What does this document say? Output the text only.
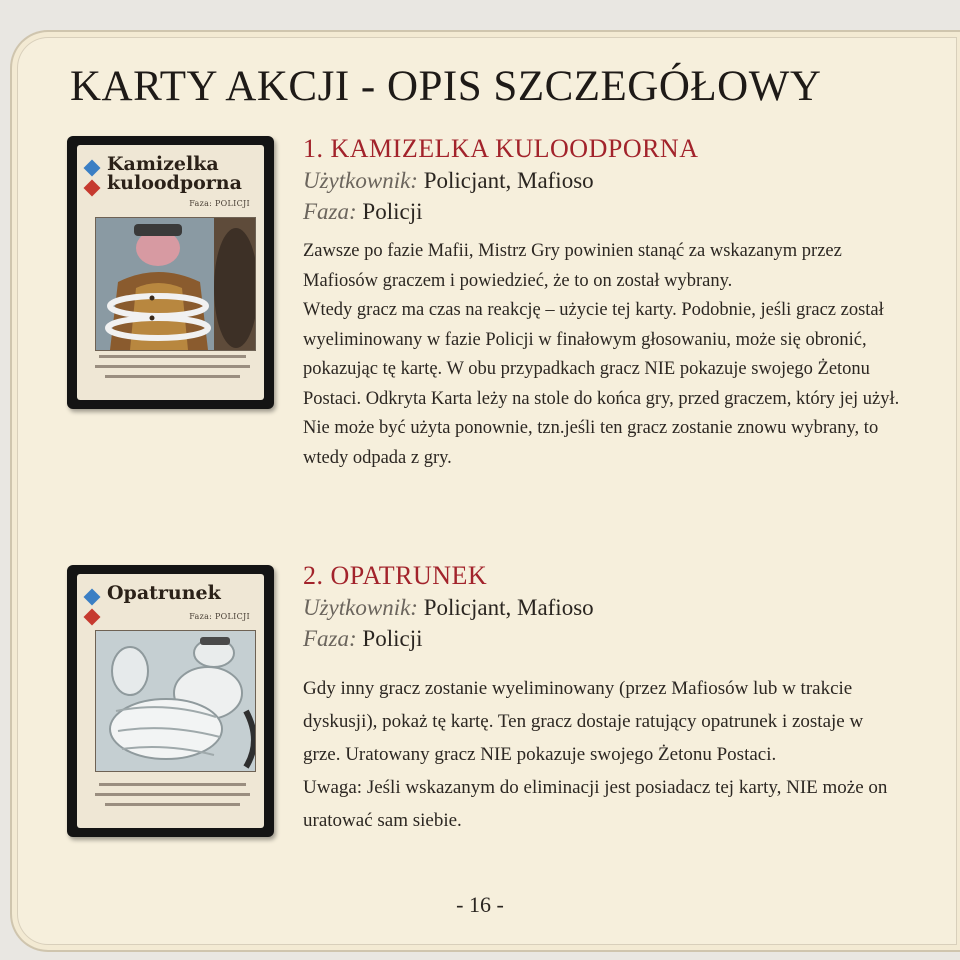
KARTY AKCJI - OPIS SZCZEGÓŁOWY
Kamizelka kuloodporna
Faza: POLICJI
Opatrunek
Faza: POLICJI
1. KAMIZELKA KULOODPORNA
Użytkownik: Policjant, Mafioso
Faza: Policji

Zawsze po fazie Mafii, Mistrz Gry powinien stanąć za wskazanym przez Mafiosów graczem i powiedzieć, że to on został wybrany.

Wtedy gracz ma czas na reakcję – użycie tej karty. Podobnie, jeśli gracz został wyeliminowany w fazie Policji w finałowym głosowaniu, może się obronić, pokazując tę kartę. W obu przypadkach gracz NIE pokazuje swojego Żetonu Postaci. Odkryta Karta leży na stole do końca gry, przed graczem, który jej użył.

Nie może być użyta ponownie, tzn.jeśli ten gracz zostanie znowu wybrany, to wtedy odpada z gry.

2. OPATRUNEK
Użytkownik: Policjant, Mafioso
Faza: Policji

Gdy inny gracz zostanie wyeliminowany (przez Mafiosów lub w trakcie dyskusji), pokaż tę kartę. Ten gracz dostaje ratujący opatrunek i zostaje w grze. Uratowany gracz NIE pokazuje swojego Żetonu Postaci.

Uwaga: Jeśli wskazanym do eliminacji jest posiadacz tej karty, NIE może on uratować sam siebie.

- 16 -
